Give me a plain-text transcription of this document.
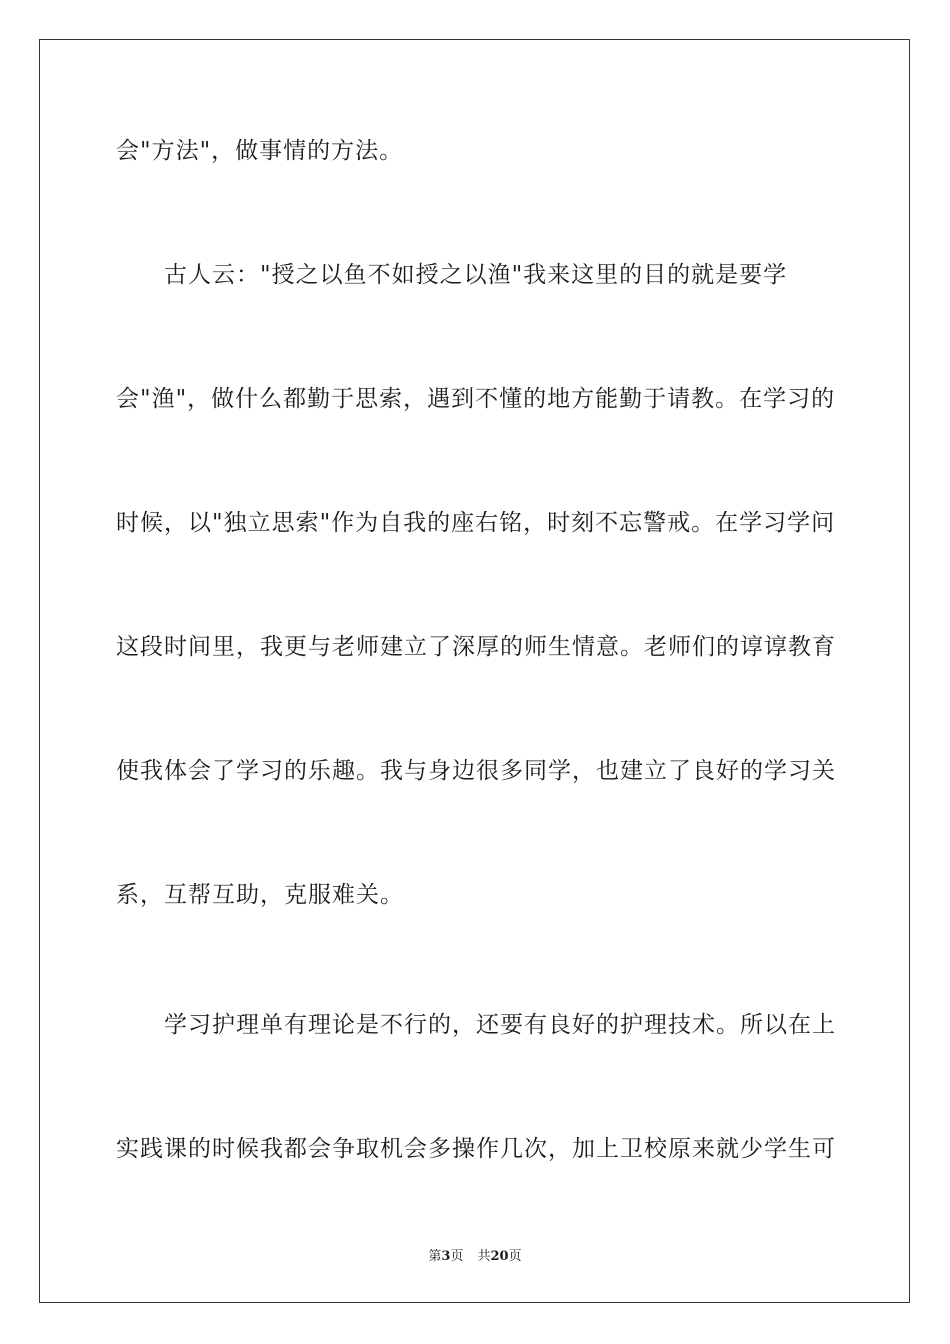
会"方法"，做事情的方法。
古人云："授之以鱼不如授之以渔"我来这里的目的就是要学
会"渔"，做什么都勤于思索，遇到不懂的地方能勤于请教。在学习的
时候，以"独立思索"作为自我的座右铭，时刻不忘警戒。在学习学问
这段时间里，我更与老师建立了深厚的师生情意。老师们的谆谆教育
使我体会了学习的乐趣。我与身边很多同学，也建立了良好的学习关
系，互帮互助，克服难关。
学习护理单有理论是不行的，还要有良好的护理技术。所以在上
实践课的时候我都会争取机会多操作几次，加上卫校原来就少学生可
第3页 共20页
